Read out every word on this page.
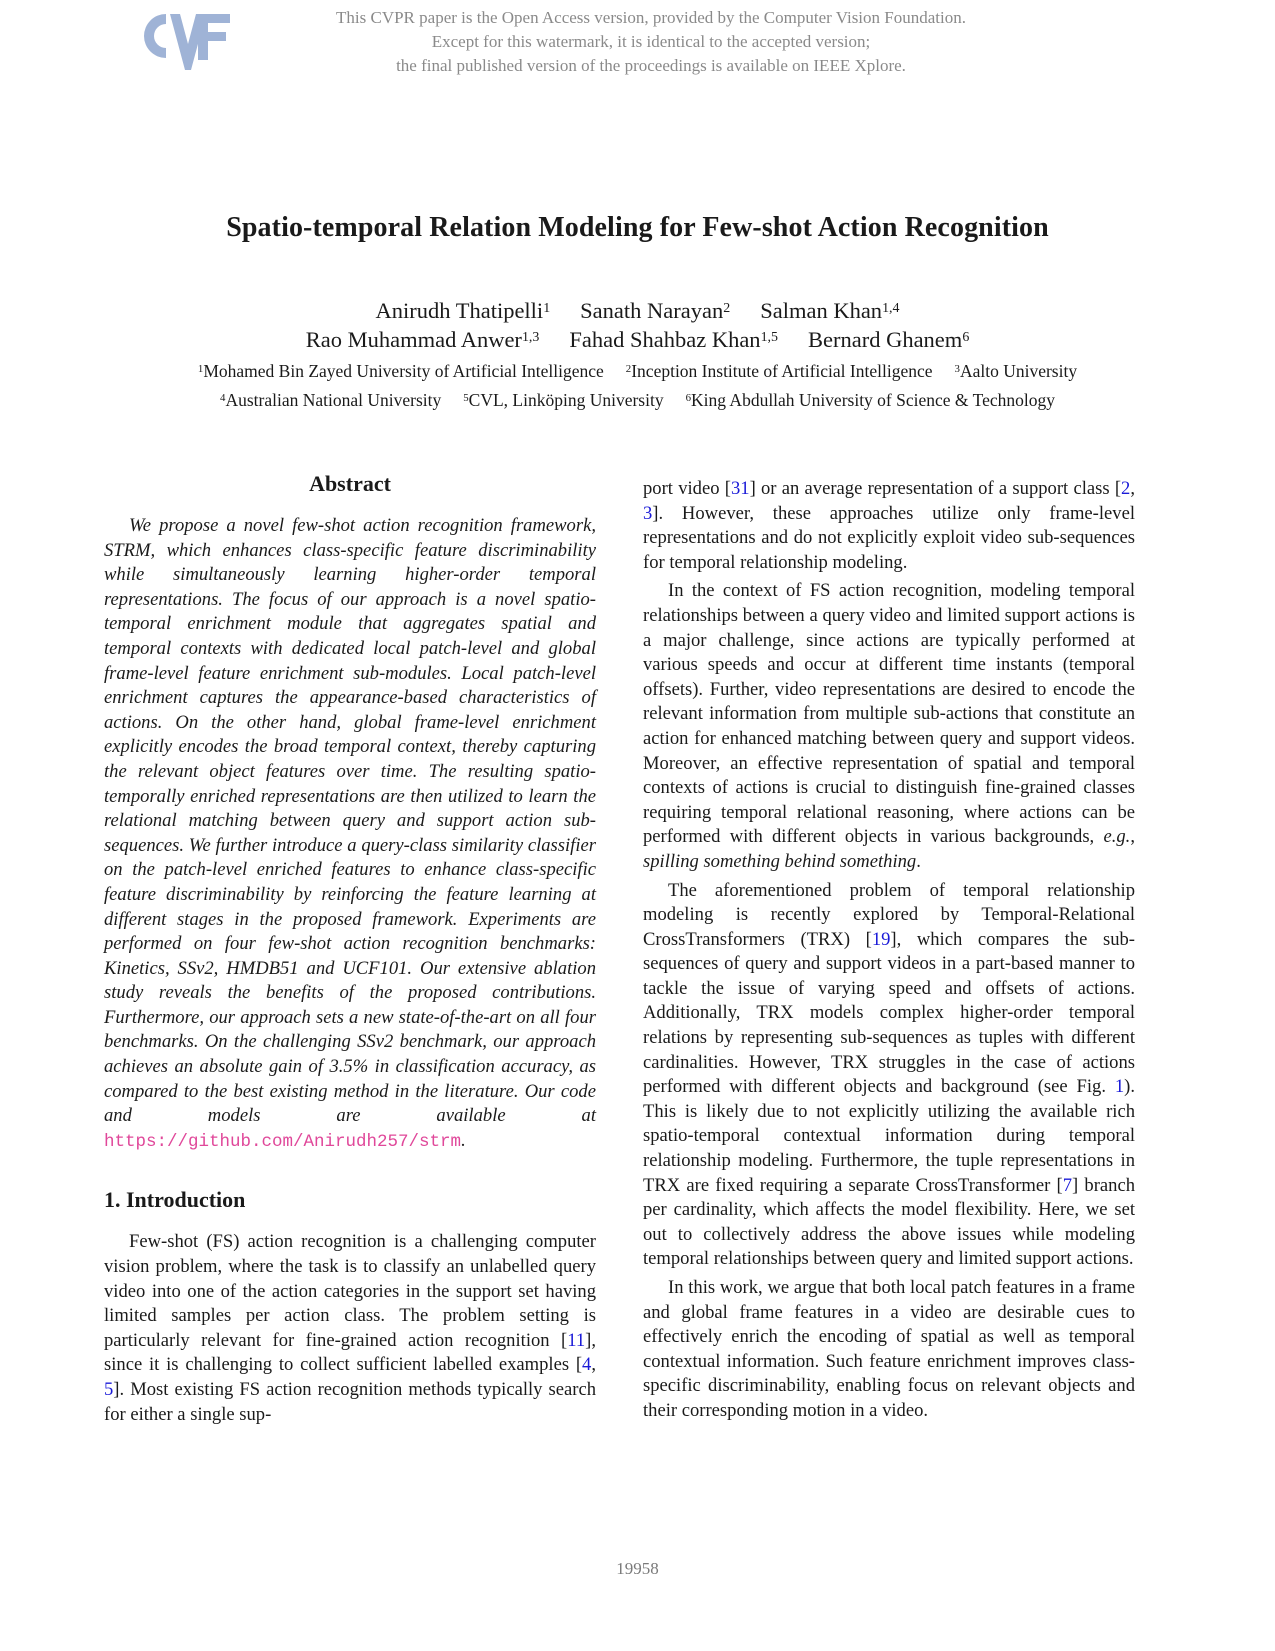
This CVPR paper is the Open Access version, provided by the Computer Vision Foundation.
Except for this watermark, it is identical to the accepted version;
the final published version of the proceedings is available on IEEE Xplore.
Spatio-temporal Relation Modeling for Few-shot Action Recognition
Anirudh Thatipelli$^1$ Sanath Narayan$^2$ Salman Khan$^{1,4}$
Rao Muhammad Anwer$^{1,3}$ Fahad Shahbaz Khan$^{1,5}$ Bernard Ghanem$^6$
$^1$Mohamed Bin Zayed University of Artificial Intelligence $^2$Inception Institute of Artificial Intelligence $^3$Aalto University
$^4$Australian National University $^5$CVL, Linköping University $^6$King Abdullah University of Science & Technology
Abstract

We propose a novel few-shot action recognition framework, STRM, which enhances class-specific feature discriminability while simultaneously learning higher-order temporal representations. The focus of our approach is a novel spatio-temporal enrichment module that aggregates spatial and temporal contexts with dedicated local patch-level and global frame-level feature enrichment sub-modules. Local patch-level enrichment captures the appearance-based characteristics of actions. On the other hand, global frame-level enrichment explicitly encodes the broad temporal context, thereby capturing the relevant object features over time. The resulting spatio-temporally enriched representations are then utilized to learn the relational matching between query and support action sub-sequences. We further introduce a query-class similarity classifier on the patch-level enriched features to enhance class-specific feature discriminability by reinforcing the feature learning at different stages in the proposed framework. Experiments are performed on four few-shot action recognition benchmarks: Kinetics, SSv2, HMDB51 and UCF101. Our extensive ablation study reveals the benefits of the proposed contributions. Furthermore, our approach sets a new state-of-the-art on all four benchmarks. On the challenging SSv2 benchmark, our approach achieves an absolute gain of 3.5% in classification accuracy, as compared to the best existing method in the literature. Our code and models are available at https://github.com/Anirudh257/strm.

1. Introduction

Few-shot (FS) action recognition is a challenging computer vision problem, where the task is to classify an unlabelled query video into one of the action categories in the support set having limited samples per action class. The problem setting is particularly relevant for fine-grained action recognition [11], since it is challenging to collect sufficient labelled examples [4, 5]. Most existing FS action recognition methods typically search for either a single sup-

port video [31] or an average representation of a support class [2, 3]. However, these approaches utilize only frame-level representations and do not explicitly exploit video sub-sequences for temporal relationship modeling.

In the context of FS action recognition, modeling temporal relationships between a query video and limited support actions is a major challenge, since actions are typically performed at various speeds and occur at different time instants (temporal offsets). Further, video representations are desired to encode the relevant information from multiple sub-actions that constitute an action for enhanced matching between query and support videos. Moreover, an effective representation of spatial and temporal contexts of actions is crucial to distinguish fine-grained classes requiring temporal relational reasoning, where actions can be performed with different objects in various backgrounds, e.g., spilling something behind something.

The aforementioned problem of temporal relationship modeling is recently explored by Temporal-Relational CrossTransformers (TRX) [19], which compares the sub-sequences of query and support videos in a part-based manner to tackle the issue of varying speed and offsets of actions. Additionally, TRX models complex higher-order temporal relations by representing sub-sequences as tuples with different cardinalities. However, TRX struggles in the case of actions performed with different objects and background (see Fig. 1). This is likely due to not explicitly utilizing the available rich spatio-temporal contextual information during temporal relationship modeling. Furthermore, the tuple representations in TRX are fixed requiring a separate CrossTransformer [7] branch per cardinality, which affects the model flexibility. Here, we set out to collectively address the above issues while modeling temporal relationships between query and limited support actions.

In this work, we argue that both local patch features in a frame and global frame features in a video are desirable cues to effectively enrich the encoding of spatial as well as temporal contextual information. Such feature enrichment improves class-specific discriminability, enabling focus on relevant objects and their corresponding motion in a video.

19958
